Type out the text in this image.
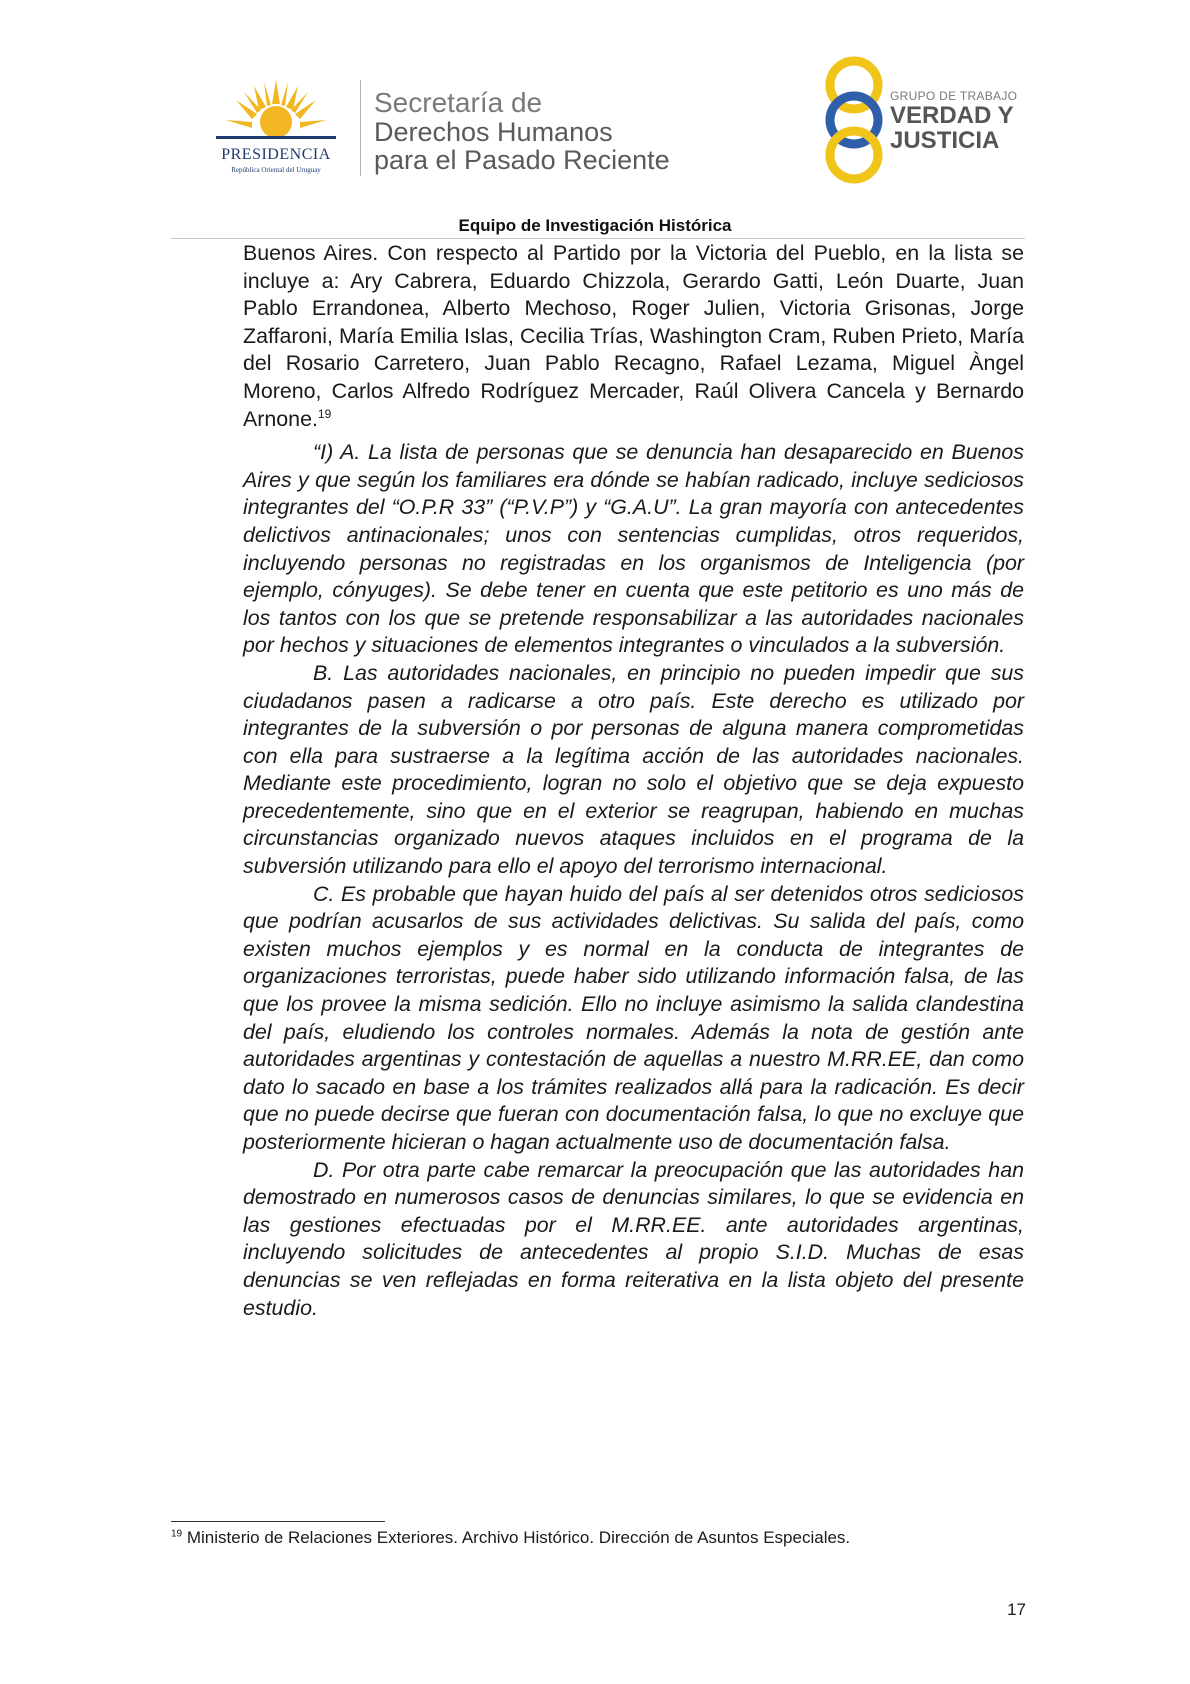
PRESIDENCIA
República Oriental del Uruguay
Secretaría de
Derechos Humanos
para el Pasado Reciente
GRUPO DE TRABAJO
VERDAD Y
JUSTICIA
Equipo de Investigación Histórica

Buenos Aires. Con respecto al Partido por la Victoria del Pueblo, en la lista se incluye a: Ary Cabrera, Eduardo Chizzola, Gerardo Gatti, León Duarte, Juan Pablo Errandonea, Alberto Mechoso, Roger Julien, Victoria Grisonas, Jorge Zaffaroni, María Emilia Islas, Cecilia Trías, Washington Cram, Ruben Prieto, María del Rosario Carretero, Juan Pablo Recagno, Rafael Lezama, Miguel Àngel Moreno, Carlos Alfredo Rodríguez Mercader, Raúl Olivera Cancela y Bernardo Arnone.$^{19}$

“I) A. La lista de personas que se denuncia han desaparecido en Buenos Aires y que según los familiares era dónde se habían radicado, incluye sediciosos integrantes del “O.P.R 33” (“P.V.P”) y “G.A.U”. La gran mayoría con antecedentes delictivos antinacionales; unos con sentencias cumplidas, otros requeridos, incluyendo personas no registradas en los organismos de Inteligencia (por ejemplo, cónyuges). Se debe tener en cuenta que este petitorio es uno más de los tantos con los que se pretende responsabilizar a las autoridades nacionales por hechos y situaciones de elementos integrantes o vinculados a la subversión.

B. Las autoridades nacionales, en principio no pueden impedir que sus ciudadanos pasen a radicarse a otro país. Este derecho es utilizado por integrantes de la subversión o por personas de alguna manera comprometidas con ella para sustraerse a la legítima acción de las autoridades nacionales. Mediante este procedimiento, logran no solo el objetivo que se deja expuesto precedentemente, sino que en el exterior se reagrupan, habiendo en muchas circunstancias organizado nuevos ataques incluidos en el programa de la subversión utilizando para ello el apoyo del terrorismo internacional.

C. Es probable que hayan huido del país al ser detenidos otros sediciosos que podrían acusarlos de sus actividades delictivas. Su salida del país, como existen muchos ejemplos y es normal en la conducta de integrantes de organizaciones terroristas, puede haber sido utilizando información falsa, de las que los provee la misma sedición. Ello no incluye asimismo la salida clandestina del país, eludiendo los controles normales. Además la nota de gestión ante autoridades argentinas y contestación de aquellas a nuestro M.RR.EE, dan como dato lo sacado en base a los trámites realizados allá para la radicación. Es decir que no puede decirse que fueran con documentación falsa, lo que no excluye que posteriormente hicieran o hagan actualmente uso de documentación falsa.

D. Por otra parte cabe remarcar la preocupación que las autoridades han demostrado en numerosos casos de denuncias similares, lo que se evidencia en las gestiones efectuadas por el M.RR.EE. ante autoridades argentinas, incluyendo solicitudes de antecedentes al propio S.I.D. Muchas de esas denuncias se ven reflejadas en forma reiterativa en la lista objeto del presente estudio.

$^{19}$ Ministerio de Relaciones Exteriores. Archivo Histórico. Dirección de Asuntos Especiales.
17
